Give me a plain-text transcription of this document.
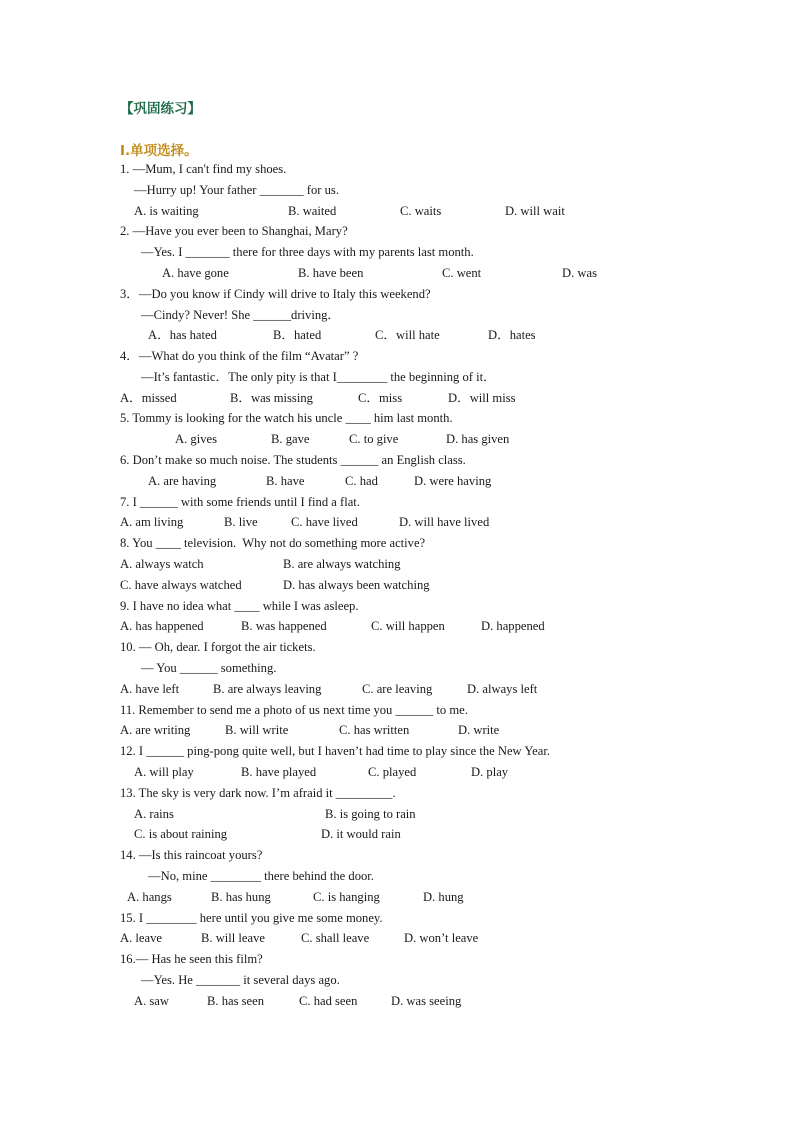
【巩固练习】
I.单项选择。
1. —Mum, I can't find my shoes.
—Hurry up! Your father _______ for us.
A. is waiting	B. waited	C. waits	D. will wait
2. —Have you ever been to Shanghai, Mary?
—Yes. I _______ there for three days with my parents last month.
A. have gone	B. have been	C. went	D. was
3．—Do you know if Cindy will drive to Italy this weekend?
—Cindy? Never! She ______driving．
A．has hated	B．hated	C．will hate	D．hates
4．—What do you think of the film “Avatar” ?
—It’s fantastic．The only pity is that I________ the beginning of it．
A．missed	B．was missing	C．miss	D．will miss
5. Tommy is looking for the watch his uncle ____ him last month.
A. gives	B. gave	C. to give	D. has given
6. Don’t make so much noise. The students ______ an English class.
A. are having	B. have	C. had	D. were having
7. I ______ with some friends until I find a flat.
A. am living	B. live	C. have lived	D. will have lived
8. You ____ television.  Why not do something more active?
A. always watch	B. are always watching
C. have always watched	D. has always been watching
9. I have no idea what ____ while I was asleep.
A. has happened	B. was happened	C. will happen	D. happened
10. — Oh, dear. I forgot the air tickets.
— You ______ something.
A. have left	B. are always leaving	C. are leaving	D. always left
11. Remember to send me a photo of us next time you ______ to me.
A. are writing	B. will write	C. has written	D. write
12. I ______ ping-pong quite well, but I haven’t had time to play since the New Year.
A. will play	B. have played	C. played	D. play
13. The sky is very dark now. I’m afraid it _________.
A. rains	B. is going to rain
C. is about raining	D. it would rain
14. —Is this raincoat yours?
—No, mine ________ there behind the door.
A. hangs	B. has hung	C. is hanging	D. hung
15. I ________ here until you give me some money.
A. leave	B. will leave	C. shall leave	D. won’t leave
16.— Has he seen this film?
—Yes. He _______ it several days ago.
A. saw	B. has seen	C. had seen	D. was seeing
